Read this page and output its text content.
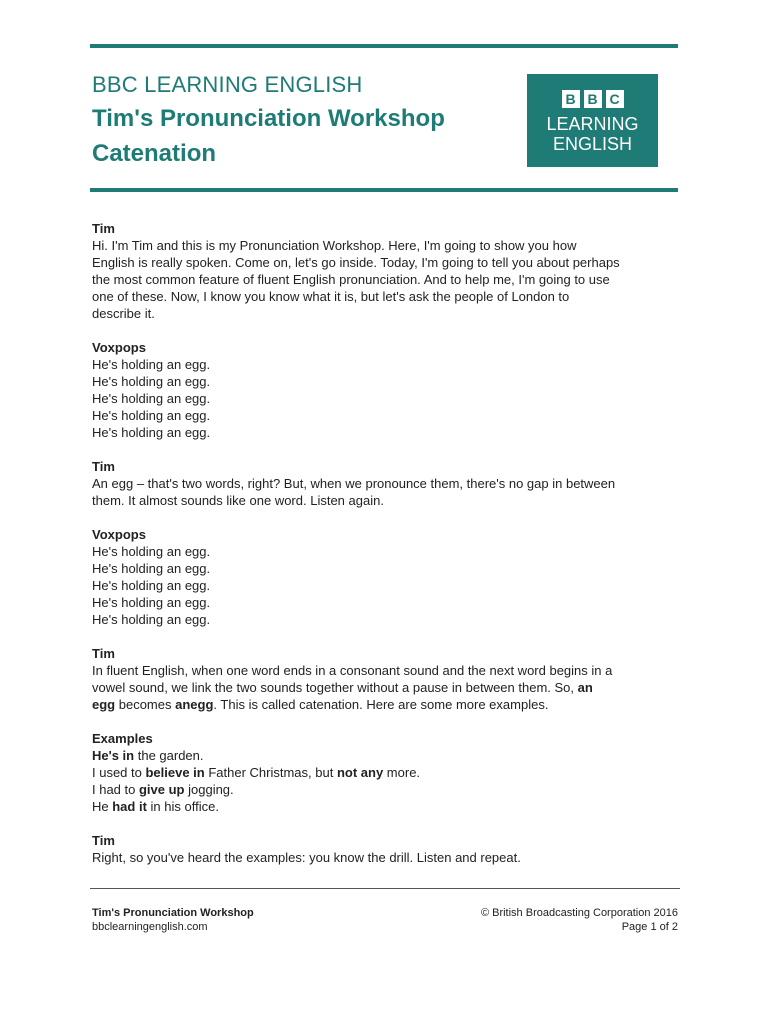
BBC LEARNING ENGLISH
Tim's Pronunciation Workshop
Catenation
B B C
LEARNING
ENGLISH
Tim
Hi. I'm Tim and this is my Pronunciation Workshop. Here, I'm going to show you how
English is really spoken. Come on, let's go inside. Today, I'm going to tell you about perhaps
the most common feature of fluent English pronunciation. And to help me, I'm going to use
one of these. Now, I know you know what it is, but let's ask the people of London to
describe it.
Voxpops
He's holding an egg.
He's holding an egg.
He's holding an egg.
He's holding an egg.
He's holding an egg.
Tim
An egg – that's two words, right? But, when we pronounce them, there's no gap in between
them. It almost sounds like one word. Listen again.
Voxpops
He's holding an egg.
He's holding an egg.
He's holding an egg.
He's holding an egg.
He's holding an egg.
Tim
In fluent English, when one word ends in a consonant sound and the next word begins in a
vowel sound, we link the two sounds together without a pause in between them. So, an
egg becomes anegg. This is called catenation. Here are some more examples.
Examples
He's in the garden.
I used to believe in Father Christmas, but not any more.
I had to give up jogging.
He had it in his office.
Tim
Right, so you've heard the examples: you know the drill. Listen and repeat.
Tim's Pronunciation Workshop
bbclearningenglish.com
© British Broadcasting Corporation 2016
Page 1 of 2
